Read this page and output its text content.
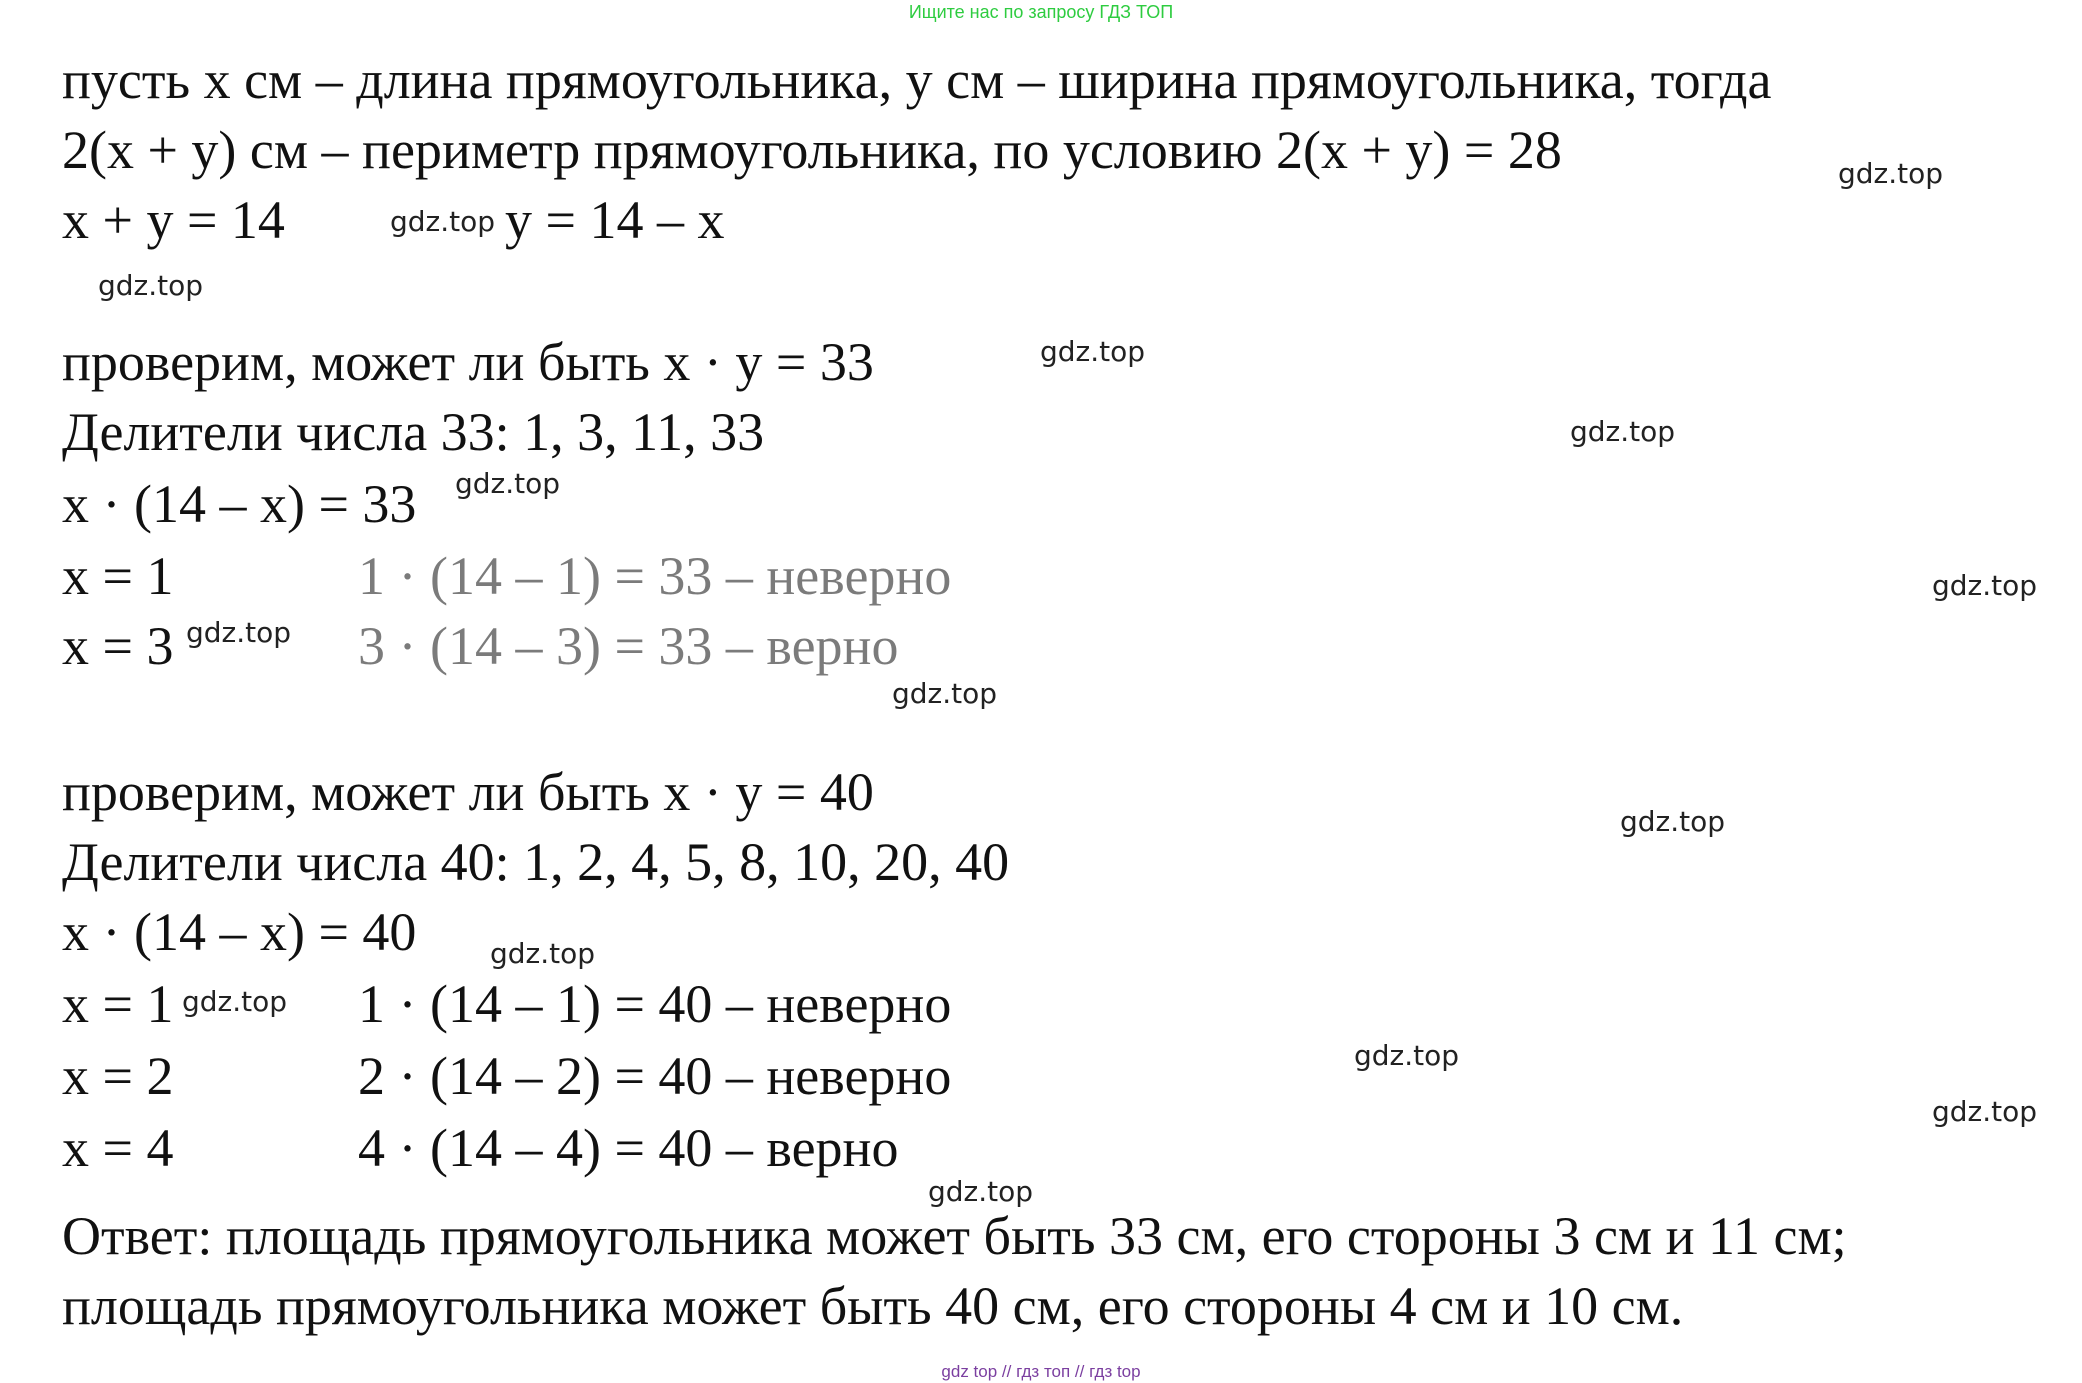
Ищите нас по запросу ГДЗ ТОП
пусть x см – длина прямоугольника, y см – ширина прямоугольника, тогда
2(x + y) см – периметр прямоугольника, по условию 2(x + y) = 28
x + y = 14	y = 14 – x
проверим, может ли быть x · y = 33
Делители числа 33: 1, 3, 11, 33
x · (14 – x) = 33
x = 1	1 · (14 – 1) = 33 – неверно
x = 3	3 · (14 – 3) = 33 – верно
проверим, может ли быть x · y = 40
Делители числа 40: 1, 2, 4, 5, 8, 10, 20, 40
x · (14 – x) = 40
x = 1	1 · (14 – 1) = 40 – неверно
x = 2	2 · (14 – 2) = 40 – неверно
x = 4	4 · (14 – 4) = 40 – верно
Ответ: площадь прямоугольника может быть 33 см, его стороны 3 см и 11 см;
площадь прямоугольника может быть 40 см, его стороны 4 см и 10 см.
gdz.top
gdz.top
gdz.top
gdz.top
gdz.top
gdz.top
gdz.top
gdz.top
gdz.top
gdz.top
gdz.top
gdz.top
gdz.top
gdz.top
gdz.top
gdz top // гдз топ // гдз top
